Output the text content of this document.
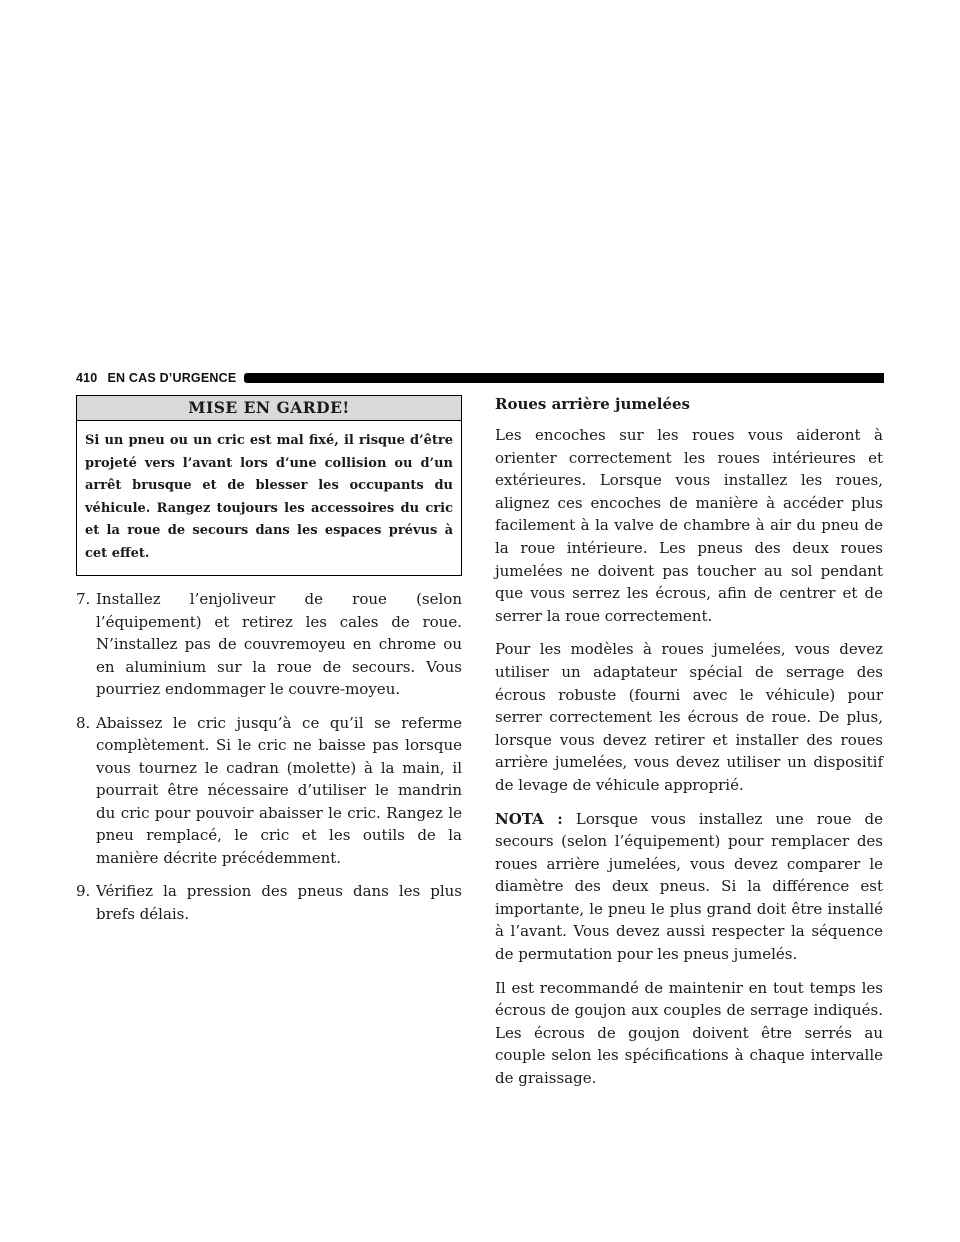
410 EN CAS D’URGENCE
MISE EN GARDE!
Si un pneu ou un cric est mal fixé, il risque d’être projeté vers l’avant lors d’une collision ou d’un arrêt brusque et de blesser les occupants du véhicule. Rangez toujours les accessoires du cric et la roue de secours dans les espaces prévus à cet effet.
7. Installez l’enjoliveur de roue (selon l’équipement) et retirez les cales de roue. N’installez pas de couvremoyeu en chrome ou en aluminium sur la roue de secours. Vous pourriez endommager le couvre-moyeu.
8. Abaissez le cric jusqu’à ce qu’il se referme complètement. Si le cric ne baisse pas lorsque vous tournez le cadran (molette) à la main, il pourrait être nécessaire d’utiliser le mandrin du cric pour pouvoir abaisser le cric. Rangez le pneu remplacé, le cric et les outils de la manière décrite précédemment.
9. Vérifiez la pression des pneus dans les plus brefs délais.
Roues arrière jumelées

Les encoches sur les roues vous aideront à orienter correctement les roues intérieures et extérieures. Lorsque vous installez les roues, alignez ces encoches de manière à accéder plus facilement à la valve de chambre à air du pneu de la roue intérieure. Les pneus des deux roues jumelées ne doivent pas toucher au sol pendant que vous serrez les écrous, afin de centrer et de serrer la roue correctement.

Pour les modèles à roues jumelées, vous devez utiliser un adaptateur spécial de serrage des écrous robuste (fourni avec le véhicule) pour serrer correctement les écrous de roue. De plus, lorsque vous devez retirer et installer des roues arrière jumelées, vous devez utiliser un dispositif de levage de véhicule approprié.

NOTA : Lorsque vous installez une roue de secours (selon l’équipement) pour remplacer des roues arrière jumelées, vous devez comparer le diamètre des deux pneus. Si la différence est importante, le pneu le plus grand doit être installé à l’avant. Vous devez aussi respecter la séquence de permutation pour les pneus jumelés.

Il est recommandé de maintenir en tout temps les écrous de goujon aux couples de serrage indiqués. Les écrous de goujon doivent être serrés au couple selon les spécifications à chaque intervalle de graissage.
